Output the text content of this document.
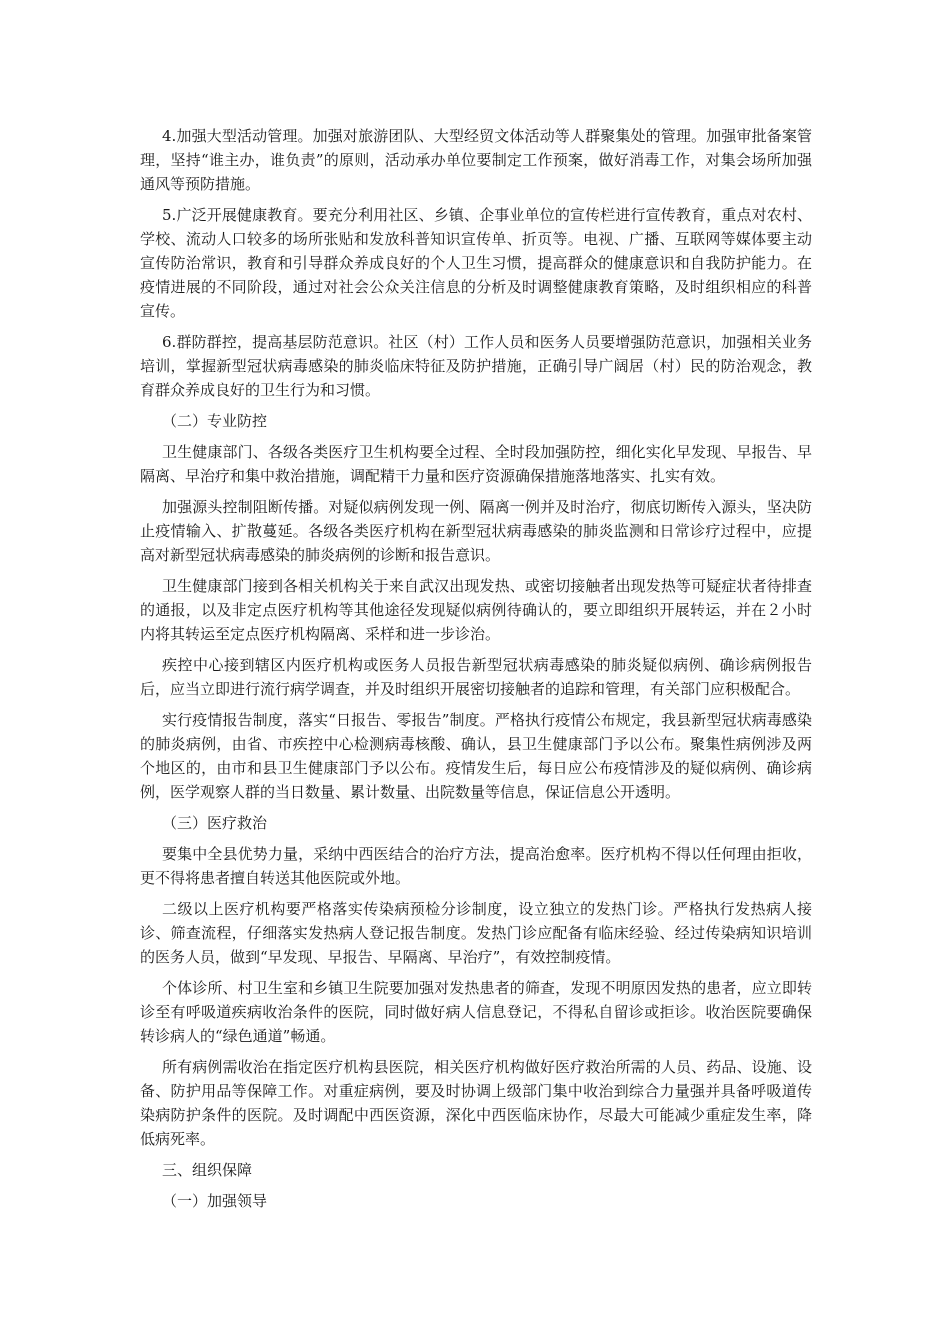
4.加强大型活动管理。加强对旅游团队、大型经贸文体活动等人群聚集处的管理。加强审批备案管理，坚持“谁主办，谁负责”的原则，活动承办单位要制定工作预案，做好消毒工作，对集会场所加强通风等预防措施。

5.广泛开展健康教育。要充分利用社区、乡镇、企事业单位的宣传栏进行宣传教育，重点对农村、学校、流动人口较多的场所张贴和发放科普知识宣传单、折页等。电视、广播、互联网等媒体要主动宣传防治常识，教育和引导群众养成良好的个人卫生习惯，提高群众的健康意识和自我防护能力。在疫情进展的不同阶段，通过对社会公众关注信息的分析及时调整健康教育策略，及时组织相应的科普宣传。

6.群防群控，提高基层防范意识。社区（村）工作人员和医务人员要增强防范意识，加强相关业务培训，掌握新型冠状病毒感染的肺炎临床特征及防护措施，正确引导广阔居（村）民的防治观念，教育群众养成良好的卫生行为和习惯。

（二）专业防控

卫生健康部门、各级各类医疗卫生机构要全过程、全时段加强防控，细化实化早发现、早报告、早隔离、早治疗和集中救治措施，调配精干力量和医疗资源确保措施落地落实、扎实有效。

加强源头控制阻断传播。对疑似病例发现一例、隔离一例并及时治疗，彻底切断传入源头，坚决防止疫情输入、扩散蔓延。各级各类医疗机构在新型冠状病毒感染的肺炎监测和日常诊疗过程中，应提高对新型冠状病毒感染的肺炎病例的诊断和报告意识。

卫生健康部门接到各相关机构关于来自武汉出现发热、或密切接触者出现发热等可疑症状者待排查的通报，以及非定点医疗机构等其他途径发现疑似病例待确认的，要立即组织开展转运，并在２小时内将其转运至定点医疗机构隔离、采样和进一步诊治。

疾控中心接到辖区内医疗机构或医务人员报告新型冠状病毒感染的肺炎疑似病例、确诊病例报告后，应当立即进行流行病学调查，并及时组织开展密切接触者的追踪和管理，有关部门应积极配合。

实行疫情报告制度，落实“日报告、零报告”制度。严格执行疫情公布规定，我县新型冠状病毒感染的肺炎病例，由省、市疾控中心检测病毒核酸、确认，县卫生健康部门予以公布。聚集性病例涉及两个地区的，由市和县卫生健康部门予以公布。疫情发生后，每日应公布疫情涉及的疑似病例、确诊病例，医学观察人群的当日数量、累计数量、出院数量等信息，保证信息公开透明。

（三）医疗救治

要集中全县优势力量，采纳中西医结合的治疗方法，提高治愈率。医疗机构不得以任何理由拒收，更不得将患者擅自转送其他医院或外地。

二级以上医疗机构要严格落实传染病预检分诊制度，设立独立的发热门诊。严格执行发热病人接诊、筛查流程，仔细落实发热病人登记报告制度。发热门诊应配备有临床经验、经过传染病知识培训的医务人员，做到“早发现、早报告、早隔离、早治疗”，有效控制疫情。

个体诊所、村卫生室和乡镇卫生院要加强对发热患者的筛查，发现不明原因发热的患者，应立即转诊至有呼吸道疾病收治条件的医院，同时做好病人信息登记，不得私自留诊或拒诊。收治医院要确保转诊病人的“绿色通道”畅通。

所有病例需收治在指定医疗机构县医院，相关医疗机构做好医疗救治所需的人员、药品、设施、设备、防护用品等保障工作。对重症病例，要及时协调上级部门集中收治到综合力量强并具备呼吸道传染病防护条件的医院。及时调配中西医资源，深化中西医临床协作，尽最大可能减少重症发生率，降低病死率。

三、组织保障

（一）加强领导
